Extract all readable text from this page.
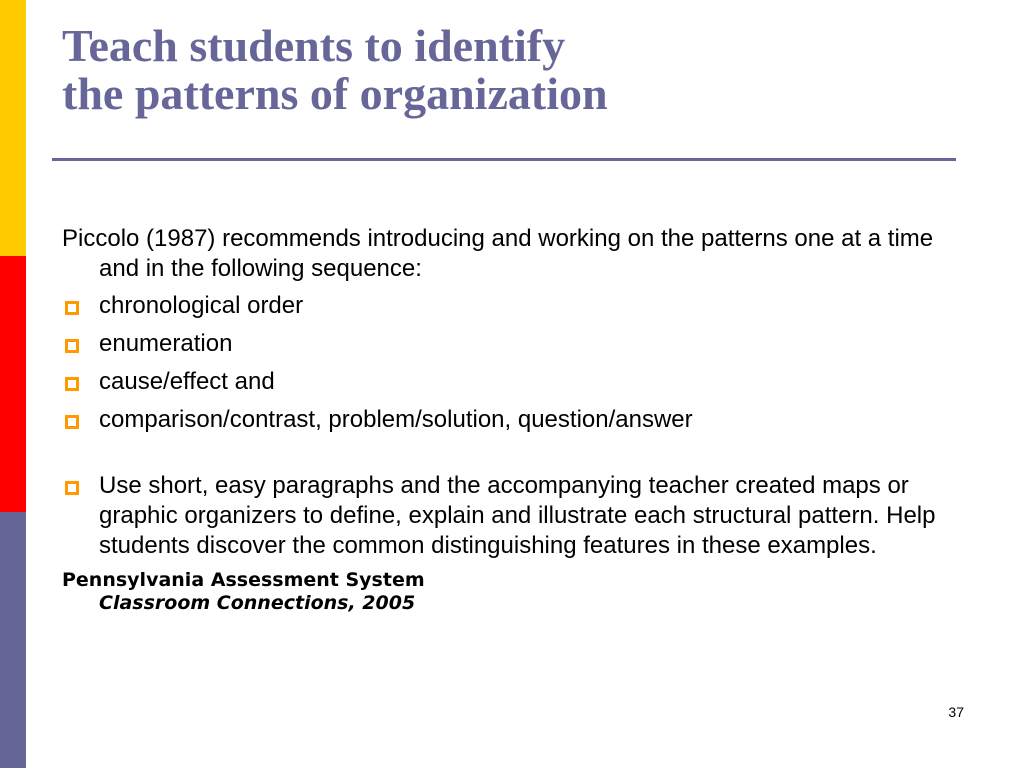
Teach students to identify
the patterns of organization

Piccolo (1987) recommends introducing and working on the patterns one at a time and in the following sequence:

chronological order
enumeration
cause/effect and
comparison/contrast, problem/solution, question/answer
Use short, easy paragraphs and the accompanying teacher created maps or graphic organizers to define, explain and illustrate each structural pattern. Help students discover the common distinguishing features in these examples.
Pennsylvania Assessment System
Classroom Connections, 2005
37
